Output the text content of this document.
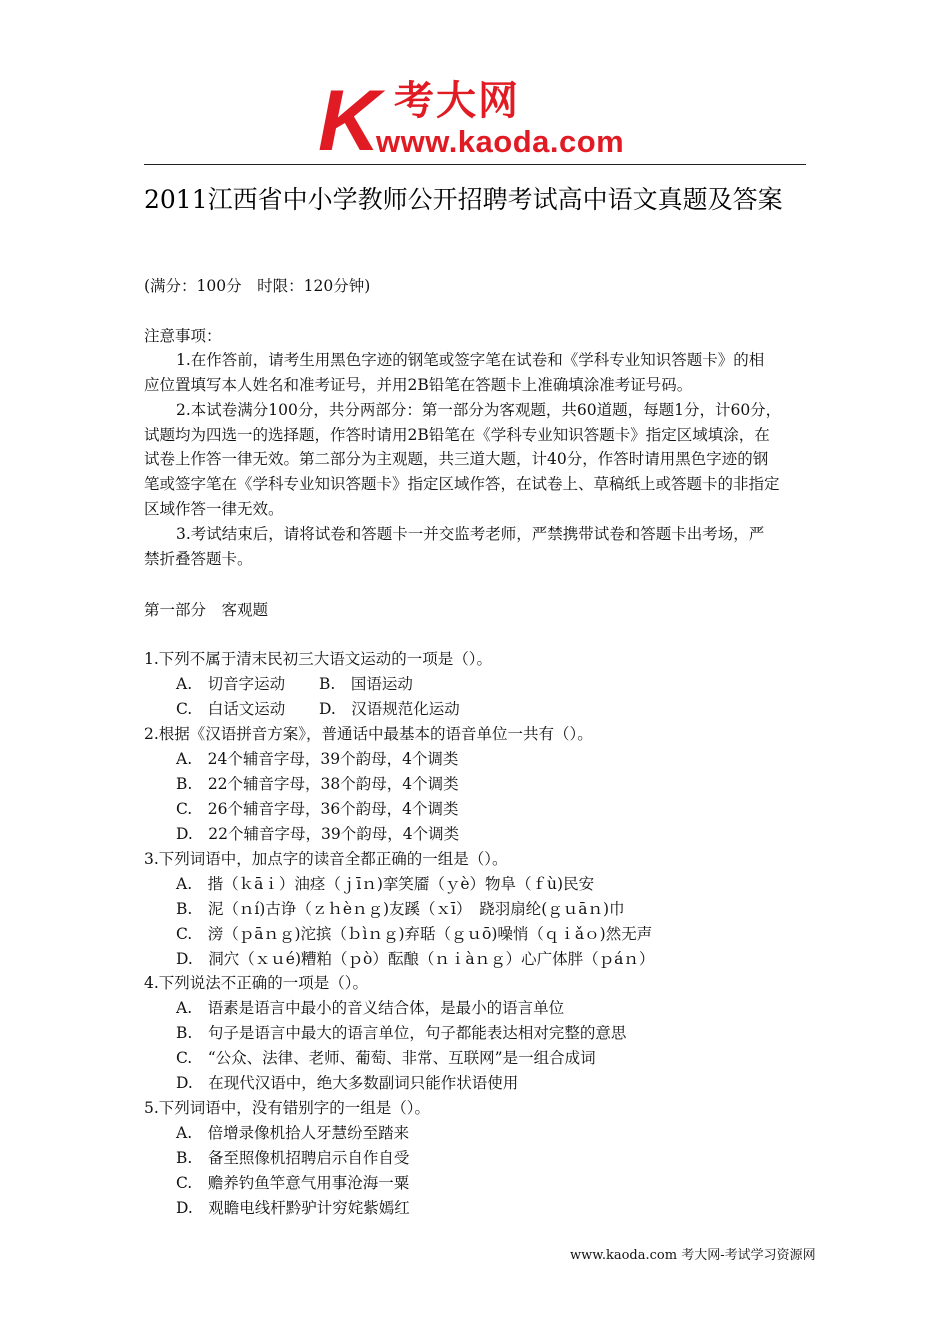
K 考大网
www.kaoda.com
2011江西省中小学教师公开招聘考试高中语文真题及答案
(满分：100分　时限：120分钟)
注意事项：
1.在作答前，请考生用黑色字迹的钢笔或签字笔在试卷和《学科专业知识答题卡》的相
应位置填写本人姓名和准考证号，并用2B铅笔在答题卡上准确填涂准考证号码。
2.本试卷满分100分，共分两部分：第一部分为客观题，共60道题，每题1分，计60分，
试题均为四选一的选择题，作答时请用2B铅笔在《学科专业知识答题卡》指定区域填涂，在
试卷上作答一律无效。第二部分为主观题，共三道大题，计40分，作答时请用黑色字迹的钢
笔或签字笔在《学科专业知识答题卡》指定区域作答，在试卷上、草稿纸上或答题卡的非指定
区域作答一律无效。
3.考试结束后，请将试卷和答题卡一并交监考老师，严禁携带试卷和答题卡出考场，严
禁折叠答题卡。
第一部分　客观题
1.下列不属于清末民初三大语文运动的一项是（）。
A.　切音字运动 B.　国语运动
C.　白话文运动 D.　汉语规范化运动
2.根据《汉语拼音方案》，普通话中最基本的语音单位一共有（）。
A.　24个辅音字母，39个韵母，4个调类
B.　22个辅音字母，38个韵母，4个调类
C.　26个辅音字母，36个韵母，4个调类
D.　22个辅音字母，39个韵母，4个调类
3.下列词语中，加点字的读音全都正确的一组是（）。
A.　揩（ｋāｉ）油痉（ｊīｎ)挛笑靥（ｙè）物阜（ｆù)民安
B.　泥（ｎí)古诤（ｚｈèｎｇ)友蹊（ｘī）　跷羽扇纶(ｇｕāｎ)巾
C.　滂（ｐāｎｇ)沱摈（ｂìｎｇ)弃聒（ｇｕō)噪悄（ｑｉǎｏ)然无声
D.　洞穴（ｘｕé)糟粕（ｐò）酝酿（ｎｉàｎｇ）心广体胖（ｐáｎ）
4.下列说法不正确的一项是（）。
A.　语素是语言中最小的音义结合体，是最小的语言单位
B.　句子是语言中最大的语言单位，句子都能表达相对完整的意思
C.　“公众、法律、老师、葡萄、非常、互联网”是一组合成词
D.　在现代汉语中，绝大多数副词只能作状语使用
5.下列词语中，没有错别字的一组是（）。
A.　倍增录像机拾人牙慧纷至踏来
B.　备至照像机招聘启示自作自受
C.　赡养钓鱼竿意气用事沧海一粟
D.　观瞻电线杆黔驴计穷姹紫嫣红
www.kaoda.com 考大网-考试学习资源网
